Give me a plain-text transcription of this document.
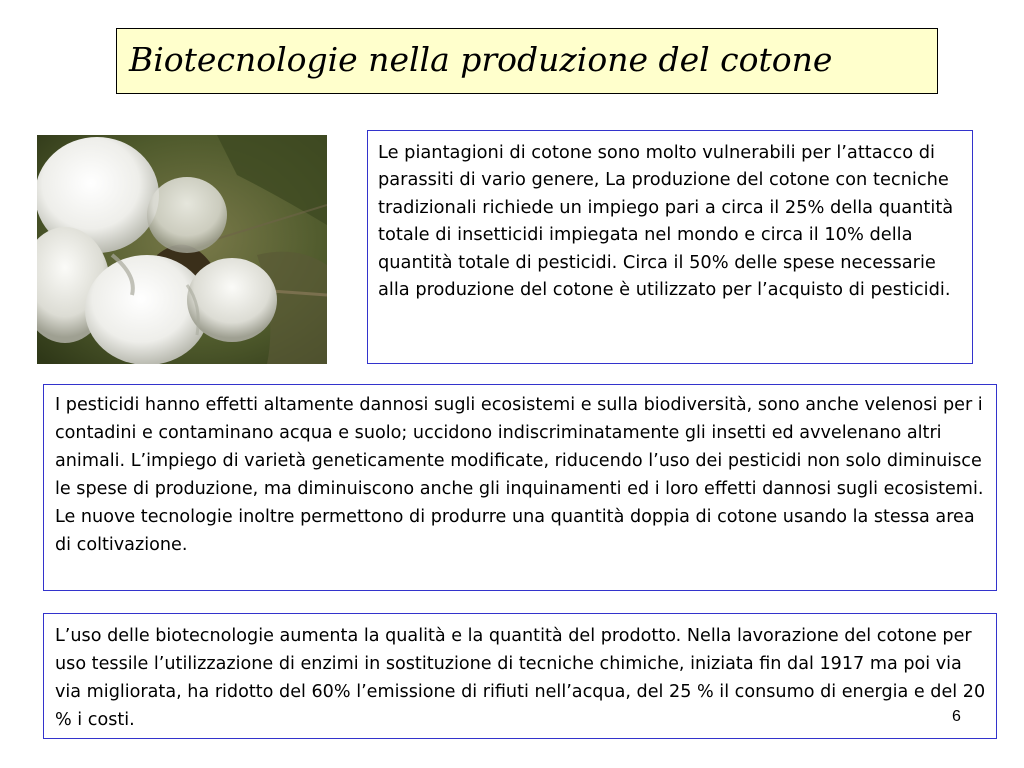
Biotecnologie nella produzione del cotone

Le piantagioni di cotone sono molto vulnerabili per l’attacco di parassiti di vario genere, La produzione del cotone con tecniche tradizionali richiede un impiego pari a circa il 25% della quantità totale di insetticidi impiegata nel mondo e circa il 10% della quantità totale di pesticidi. Circa il 50% delle spese necessarie alla produzione del cotone è utilizzato per l’acquisto di pesticidi.

I pesticidi hanno effetti altamente dannosi sugli ecosistemi e sulla biodiversità, sono anche velenosi per i contadini e contaminano acqua e suolo; uccidono indiscriminatamente gli insetti ed avvelenano altri animali. L’impiego di varietà geneticamente modificate, riducendo l’uso dei pesticidi non solo diminuisce le spese di produzione, ma diminuiscono anche gli inquinamenti ed i loro effetti dannosi sugli ecosistemi. Le nuove tecnologie inoltre permettono di produrre una quantità doppia di cotone usando la stessa area di coltivazione.

L’uso delle biotecnologie aumenta la qualità e la quantità del prodotto. Nella lavorazione del cotone per uso tessile l’utilizzazione di enzimi in sostituzione di tecniche chimiche, iniziata fin dal 1917 ma poi via via migliorata, ha ridotto del 60% l’emissione di rifiuti nell’acqua, del 25 % il consumo di energia e del 20 % i costi.	6
